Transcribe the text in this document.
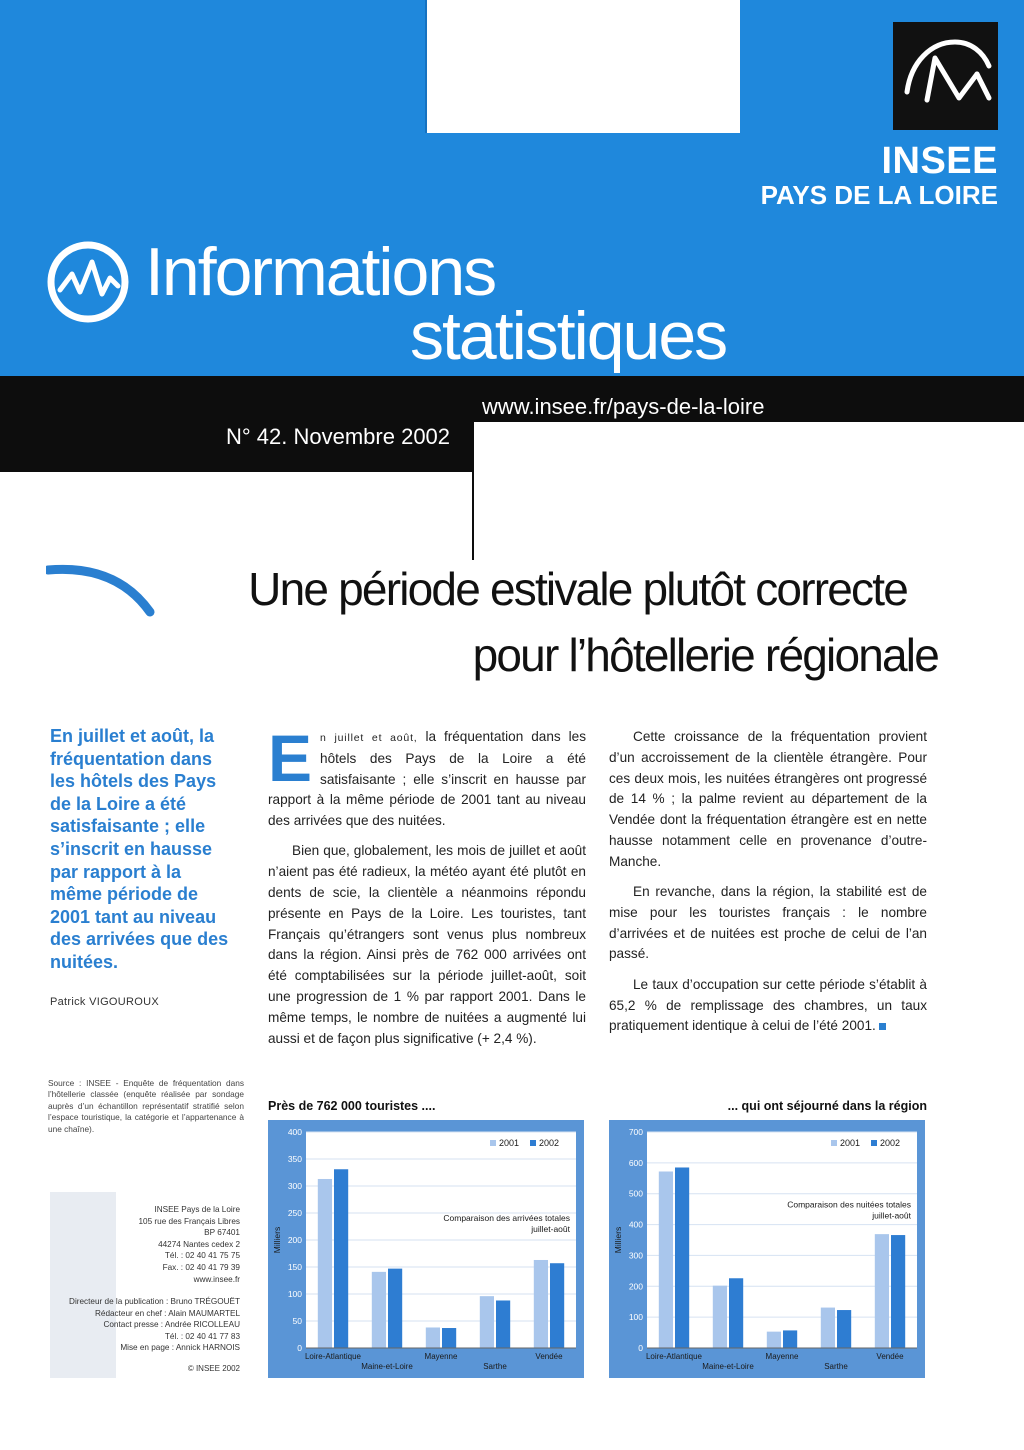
INSEE
PAYS DE LA LOIRE
Informations
statistiques
www.insee.fr/pays-de-la-loire
N° 42. Novembre 2002
Une période estivale plutôt correcte
pour l’hôtellerie régionale
En juillet et août, la fréquentation dans les hôtels des Pays de la Loire a été satisfaisante ; elle s’inscrit en hausse par rapport à la même période de 2001 tant au niveau des arrivées que des nuitées.
Patrick VIGOUROUX
Source : INSEE - Enquête de fréquentation dans l’hôtellerie classée (enquête réalisée par sondage auprès d’un échantillon représentatif stratifié selon l’espace touristique, la catégorie et l’appartenance à une chaîne).
INSEE Pays de la Loire
105 rue des Français Libres
BP 67401
44274 Nantes cedex 2
Tél. : 02 40 41 75 75
Fax. : 02 40 41 79 39
www.insee.fr
Directeur de la publication : Bruno TRÉGOUËT
Rédacteur en chef : Alain MAUMARTEL
Contact presse : Andrée RICOLLEAU
Tél. : 02 40 41 77 83
Mise en page : Annick HARNOIS
© INSEE 2002

En juillet et août, la fréquentation dans les hôtels des Pays de la Loire a été satisfaisante ; elle s’inscrit en hausse par rapport à la même période de 2001 tant au niveau des arrivées que des nuitées.

Bien que, globalement, les mois de juillet et août n’aient pas été radieux, la météo ayant été plutôt en dents de scie, la clientèle a néanmoins répondu présente en Pays de la Loire. Les touristes, tant Français qu’étrangers sont venus plus nombreux dans la région. Ainsi près de 762 000 arrivées ont été comptabilisées sur la période juillet-août, soit une progression de 1 % par rapport 2001. Dans le même temps, le nombre de nuitées a augmenté lui aussi et de façon plus significative (+ 2,4 %).

Cette croissance de la fréquentation provient d’un accroissement de la clientèle étrangère. Pour ces deux mois, les nuitées étrangères ont progressé de 14 % ; la palme revient au département de la Vendée dont la fréquentation étrangère est en nette hausse notamment celle en provenance d’outre-Manche.

En revanche, dans la région, la stabilité est de mise pour les touristes français : le nombre d’arrivées et de nuitées est proche de celui de l’an passé.

Le taux d’occupation sur cette période s’établit à 65,2 % de remplissage des chambres, un taux pratiquement identique à celui de l’été 2001.

Près de 762 000 touristes ....	... qui ont séjourné dans la région
0
50
100
150
200
250
300
350
400
Milliers
Loire-Atlantique
Maine-et-Loire
Mayenne
Sarthe
Vendée
2001 2002
Comparaison des arrivées totales
juillet-août
0
100
200
300
400
500
600
700
Milliers
Loire-Atlantique
Maine-et-Loire
Mayenne
Sarthe
Vendée
2001 2002
Comparaison des nuitées totales
juillet-août
